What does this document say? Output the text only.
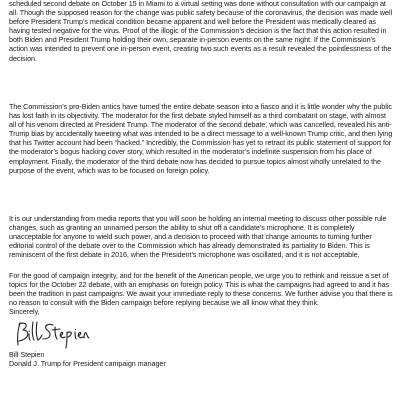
scheduled second debate on October 15 in Miami to a virtual setting was done without consultation with our campaign at all. Though the supposed reason for the change was public safety because of the coronavirus, the decision was made well before President Trump’s medical condition became apparent and well before the President was medically cleared as having tested negative for the virus. Proof of the illogic of the Commission’s decision is the fact that this action resulted in both Biden and President Trump holding their own, separate in-person events on the same night. If the Commission’s action was intended to prevent one in-person event, creating two such events as a result revealed the pointlessness of the decision.

The Commission’s pro-Biden antics have turned the entire debate season into a fiasco and it is little wonder why the public has lost faith in its objectivity. The moderator for the first debate styled himself as a third combatant on stage, with almost all of his venom directed at President Trump. The moderator of the second debate, which was cancelled, revealed his anti-Trump bias by accidentally tweeting what was intended to be a direct message to a well-known Trump critic, and then lying that his Twitter account had been “hacked.” Incredibly, the Commission has yet to retract its public statement of support for the moderator’s bogus hacking cover story, which resulted in the moderator’s indefinite suspension from his place of employment. Finally, the moderator of the third debate now has decided to pursue topics almost wholly unrelated to the purpose of the event, which was to be focused on foreign policy.

It is our understanding from media reports that you will soon be holding an internal meeting to discuss other possible rule changes, such as granting an unnamed person the ability to shut off a candidate’s microphone. It is completely unacceptable for anyone to wield such power, and a decision to proceed with that change amounts to turning further editorial control of the debate over to the Commission which has already demonstrated its partiality to Biden. This is reminiscent of the first debate in 2016, when the President’s microphone was oscillated, and it is not acceptable.

For the good of campaign integrity, and for the benefit of the American people, we urge you to rethink and reissue a set of topics for the October 22 debate, with an emphasis on foreign policy. This is what the campaigns had agreed to and it has been the tradition in past campaigns. We await your immediate reply to these concerns. We further advise you that there is no reason to consult with the Biden campaign before replying because we all know what they think.

Sincerely,

Bill Stepien

Donald J. Trump for President campaign manager
